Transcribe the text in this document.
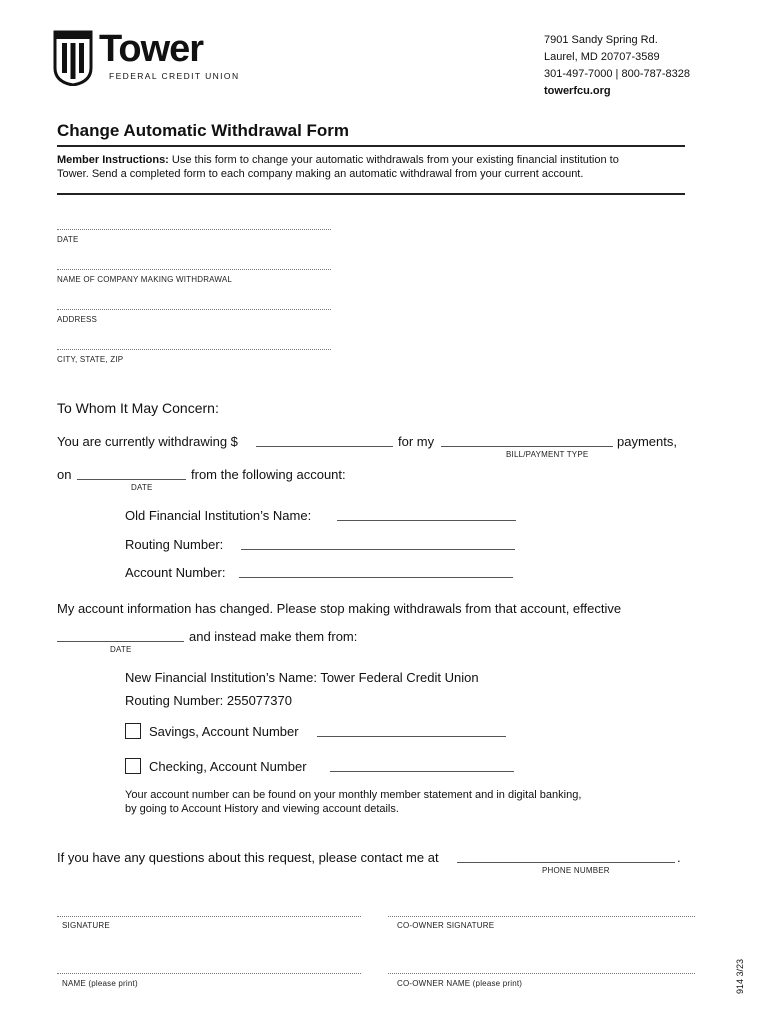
Tower
FEDERAL CREDIT UNION
7901 Sandy Spring Rd.
Laurel, MD 20707-3589
301-497-7000 | 800-787-8328
towerfcu.org
Change Automatic Withdrawal Form
Member Instructions: Use this form to change your automatic withdrawals from your existing financial institution to
Tower. Send a completed form to each company making an automatic withdrawal from your current account.
DATE
NAME OF COMPANY MAKING WITHDRAWAL
ADDRESS
CITY, STATE, ZIP
To Whom It May Concern:
You are currently withdrawing $	for my	payments,
BILL/PAYMENT TYPE
on	from the following account:
DATE
Old Financial Institution’s Name:
Routing Number:
Account Number:
My account information has changed. Please stop making withdrawals from that account, effective
and instead make them from:
DATE
New Financial Institution’s Name: Tower Federal Credit Union
Routing Number: 255077370
Savings, Account Number
Checking, Account Number
Your account number can be found on your monthly member statement and in digital banking,
by going to Account History and viewing account details.
If you have any questions about this request, please contact me at	.
PHONE NUMBER
SIGNATURE	CO-OWNER SIGNATURE
NAME (please print)	CO-OWNER NAME (please print)	914 3/23
